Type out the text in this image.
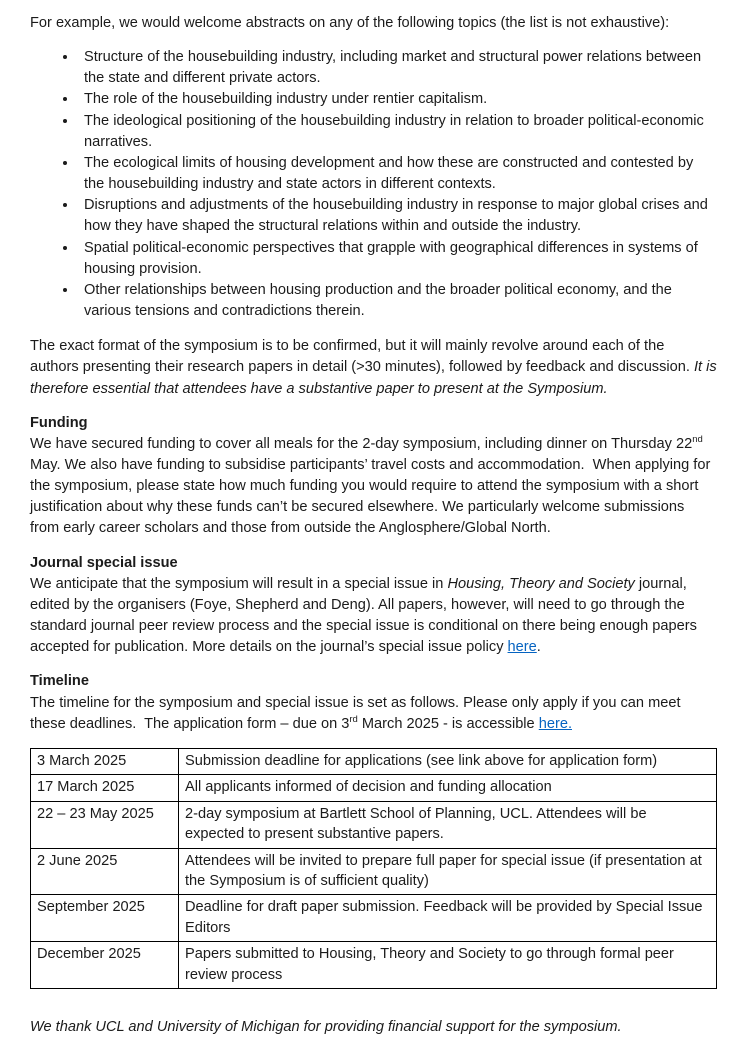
For example, we would welcome abstracts on any of the following topics (the list is not exhaustive):

• Structure of the housebuilding industry, including market and structural power relations between the state and different private actors.
• The role of the housebuilding industry under rentier capitalism.
• The ideological positioning of the housebuilding industry in relation to broader political-economic narratives.
• The ecological limits of housing development and how these are constructed and contested by the housebuilding industry and state actors in different contexts.
• Disruptions and adjustments of the housebuilding industry in response to major global crises and how they have shaped the structural relations within and outside the industry.
• Spatial political-economic perspectives that grapple with geographical differences in systems of housing provision.
• Other relationships between housing production and the broader political economy, and the various tensions and contradictions therein.

The exact format of the symposium is to be confirmed, but it will mainly revolve around each of the authors presenting their research papers in detail (>30 minutes), followed by feedback and discussion. It is therefore essential that attendees have a substantive paper to present at the Symposium.

Funding

We have secured funding to cover all meals for the 2-day symposium, including dinner on Thursday 22nd May. We also have funding to subsidise participants’ travel costs and accommodation.  When applying for the symposium, please state how much funding you would require to attend the symposium with a short justification about why these funds can’t be secured elsewhere. We particularly welcome submissions from early career scholars and those from outside the Anglosphere/Global North.

Journal special issue

We anticipate that the symposium will result in a special issue in Housing, Theory and Society journal, edited by the organisers (Foye, Shepherd and Deng). All papers, however, will need to go through the standard journal peer review process and the special issue is conditional on there being enough papers accepted for publication. More details on the journal’s special issue policy here.

Timeline

The timeline for the symposium and special issue is set as follows. Please only apply if you can meet these deadlines.  The application form – due on 3rd March 2025 - is accessible here.

3 March 2025	Submission deadline for applications (see link above for application form)
17 March 2025	All applicants informed of decision and funding allocation
22 – 23 May 2025	2-day symposium at Bartlett School of Planning, UCL. Attendees will be expected to present substantive papers.
2 June 2025	Attendees will be invited to prepare full paper for special issue (if presentation at the Symposium is of sufficient quality)
September 2025	Deadline for draft paper submission. Feedback will be provided by Special Issue Editors
December 2025	Papers submitted to Housing, Theory and Society to go through formal peer review process

We thank UCL and University of Michigan for providing financial support for the symposium.
